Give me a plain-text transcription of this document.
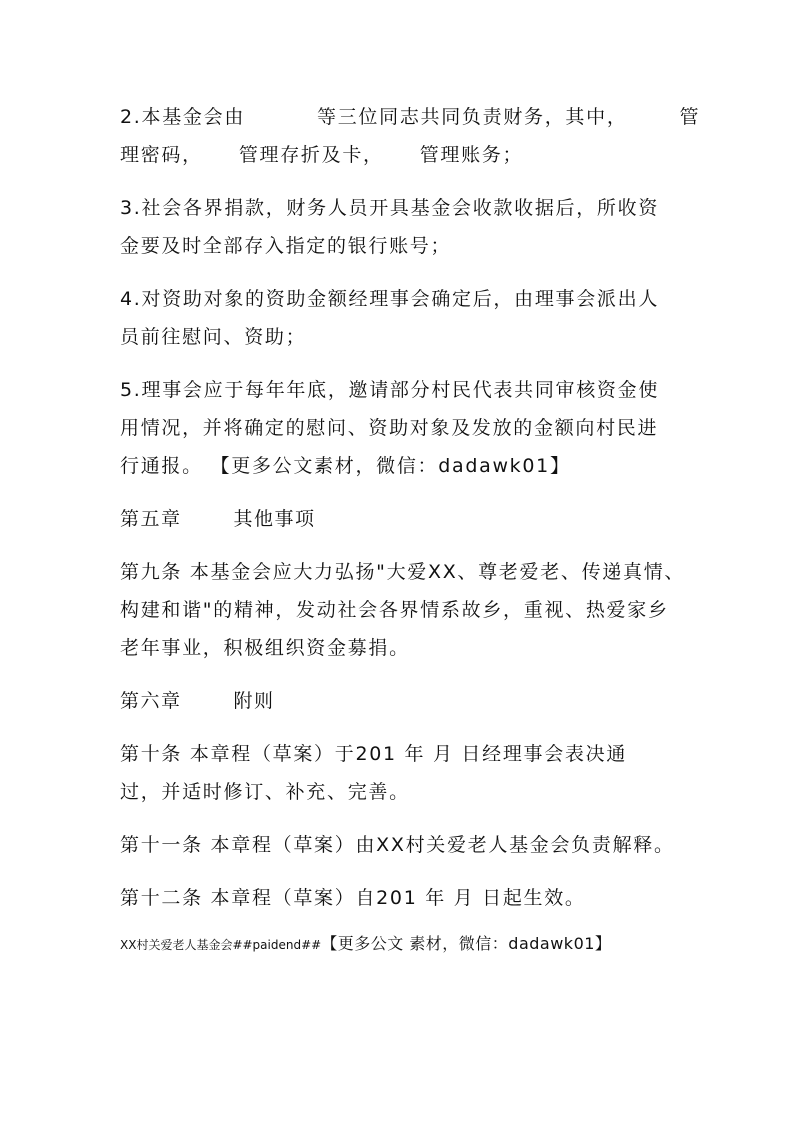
2.本基金会由	等三位同志共同负责财务，其中，	管
理密码， 管理存折及卡， 管理账务；
3.社会各界捐款，财务人员开具基金会收款收据后，所收资
金要及时全部存入指定的银行账号；
4.对资助对象的资助金额经理事会确定后，由理事会派出人
员前往慰问、资助；
5.理事会应于每年年底，邀请部分村民代表共同审核资金使
用情况，并将确定的慰问、资助对象及发放的金额向村民进
行通报。 【更多公文素材，微信：dadawk01】
第五章	其他事项
第九条 本基金会应大力弘扬"大爱XX、尊老爱老、传递真情、
构建和谐"的精神，发动社会各界情系故乡，重视、热爱家乡
老年事业，积极组织资金募捐。
第六章	附则
第十条 本章程（草案）于201 年 月 日经理事会表决通
过，并适时修订、补充、完善。
第十一条 本章程（草案）由XX村关爱老人基金会负责解释。
第十二条 本章程（草案）自201 年 月 日起生效。
XX村关爱老人基金会##paidend##【更多公文 素材，微信：dadawk01】
